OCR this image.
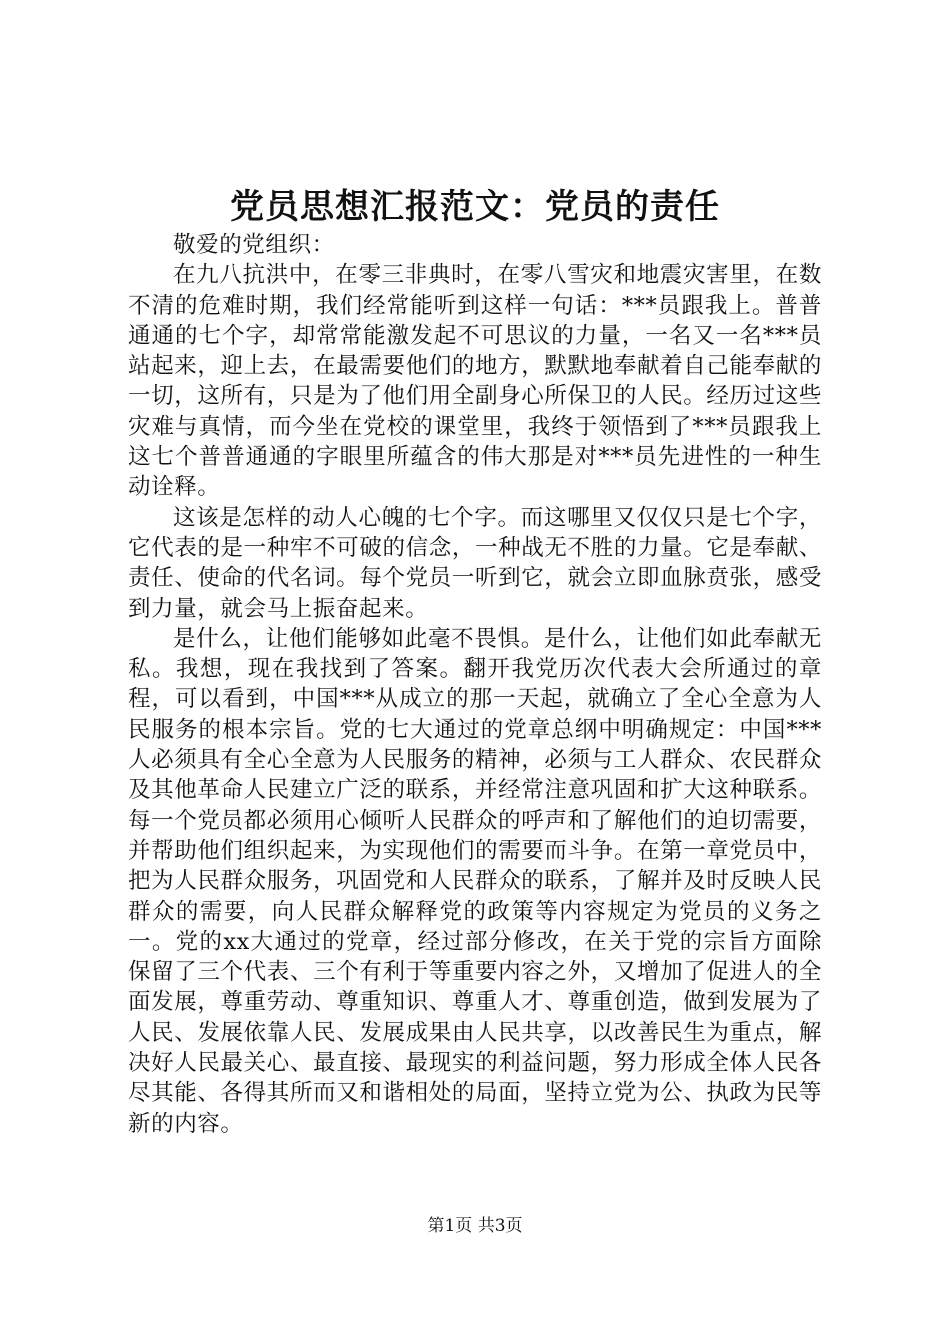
党员思想汇报范文：党员的责任

敬爱的党组织：

在九八抗洪中，在零三非典时，在零八雪灾和地震灾害里，在数不清的危难时期，我们经常能听到这样一句话：***员跟我上。普普通通的七个字，却常常能激发起不可思议的力量，一名又一名***员站起来，迎上去，在最需要他们的地方，默默地奉献着自己能奉献的一切，这所有，只是为了他们用全副身心所保卫的人民。经历过这些灾难与真情，而今坐在党校的课堂里，我终于领悟到了***员跟我上这七个普普通通的字眼里所蕴含的伟大那是对***员先进性的一种生动诠释。

这该是怎样的动人心魄的七个字。而这哪里又仅仅只是七个字，它代表的是一种牢不可破的信念，一种战无不胜的力量。它是奉献、责任、使命的代名词。每个党员一听到它，就会立即血脉贲张，感受到力量，就会马上振奋起来。

是什么，让他们能够如此毫不畏惧。是什么，让他们如此奉献无私。我想，现在我找到了答案。翻开我党历次代表大会所通过的章程，可以看到，中国***从成立的那一天起，就确立了全心全意为人民服务的根本宗旨。党的七大通过的党章总纲中明确规定：中国***人必须具有全心全意为人民服务的精神，必须与工人群众、农民群众及其他革命人民建立广泛的联系，并经常注意巩固和扩大这种联系。每一个党员都必须用心倾听人民群众的呼声和了解他们的迫切需要，并帮助他们组织起来，为实现他们的需要而斗争。在第一章党员中，把为人民群众服务，巩固党和人民群众的联系，了解并及时反映人民群众的需要，向人民群众解释党的政策等内容规定为党员的义务之一。党的xx大通过的党章，经过部分修改，在关于党的宗旨方面除保留了三个代表、三个有利于等重要内容之外，又增加了促进人的全面发展，尊重劳动、尊重知识、尊重人才、尊重创造，做到发展为了人民、发展依靠人民、发展成果由人民共享，以改善民生为重点，解决好人民最关心、最直接、最现实的利益问题，努力形成全体人民各尽其能、各得其所而又和谐相处的局面，坚持立党为公、执政为民等新的内容。

第1页 共3页
